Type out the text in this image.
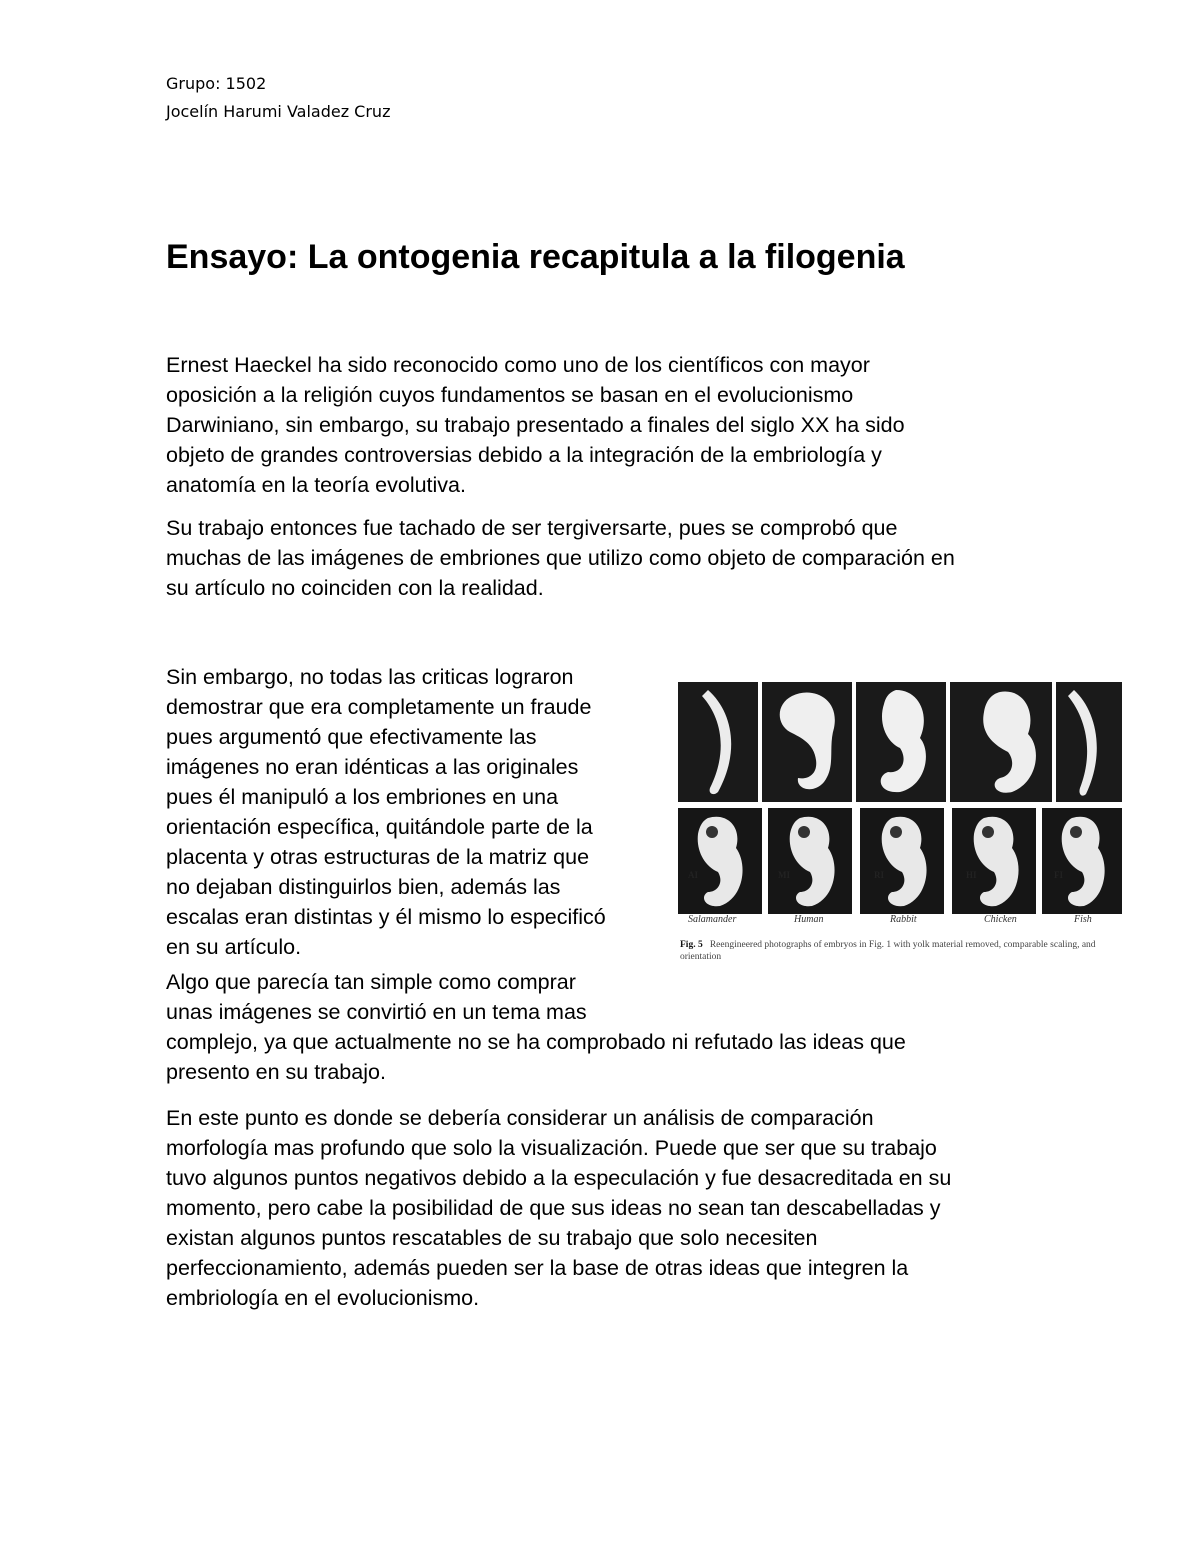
Grupo: 1502
Jocelín Harumi Valadez Cruz
Ensayo: La ontogenia recapitula a la filogenia
Ernest Haeckel ha sido reconocido como uno de los científicos con mayor
oposición a la religión cuyos fundamentos se basan en el evolucionismo
Darwiniano, sin embargo, su trabajo presentado a finales del siglo XX ha sido
objeto de grandes controversias debido a la integración de la embriología y
anatomía en la teoría evolutiva.
Su trabajo entonces fue tachado de ser tergiversarte, pues se comprobó que
muchas de las imágenes de embriones que utilizo como objeto de comparación en
su artículo no coinciden con la realidad.
Sin embargo, no todas las criticas lograron
demostrar que era completamente un fraude
pues argumentó que efectivamente las
imágenes no eran idénticas a las originales
pues él manipuló a los embriones en una
orientación específica, quitándole parte de la
placenta y otras estructuras de la matriz que
no dejaban distinguirlos bien, además las
escalas eran distintas y él mismo lo especificó
en su artículo.
Algo que parecía tan simple como comprar
unas imágenes se convirtió en un tema mas
complejo, ya que actualmente no se ha comprobado ni refutado las ideas que
presento en su trabajo.
En este punto es donde se debería considerar un análisis de comparación
morfología mas profundo que solo la visualización. Puede que ser que su trabajo
tuvo algunos puntos negativos debido a la especulación y fue desacreditada en su
momento, pero cabe la posibilidad de que sus ideas no sean tan descabelladas y
existan algunos puntos rescatables de su trabajo que solo necesiten
perfeccionamiento, además pueden ser la base de otras ideas que integren la
embriología en el evolucionismo.
AI	MI	RI	HI	FI
Salamander	Human	Rabbit	Chicken	Fish
Fig. 5 Reengineered photographs of embryos in Fig. 1 with yolk material removed, comparable scaling, and orientation
